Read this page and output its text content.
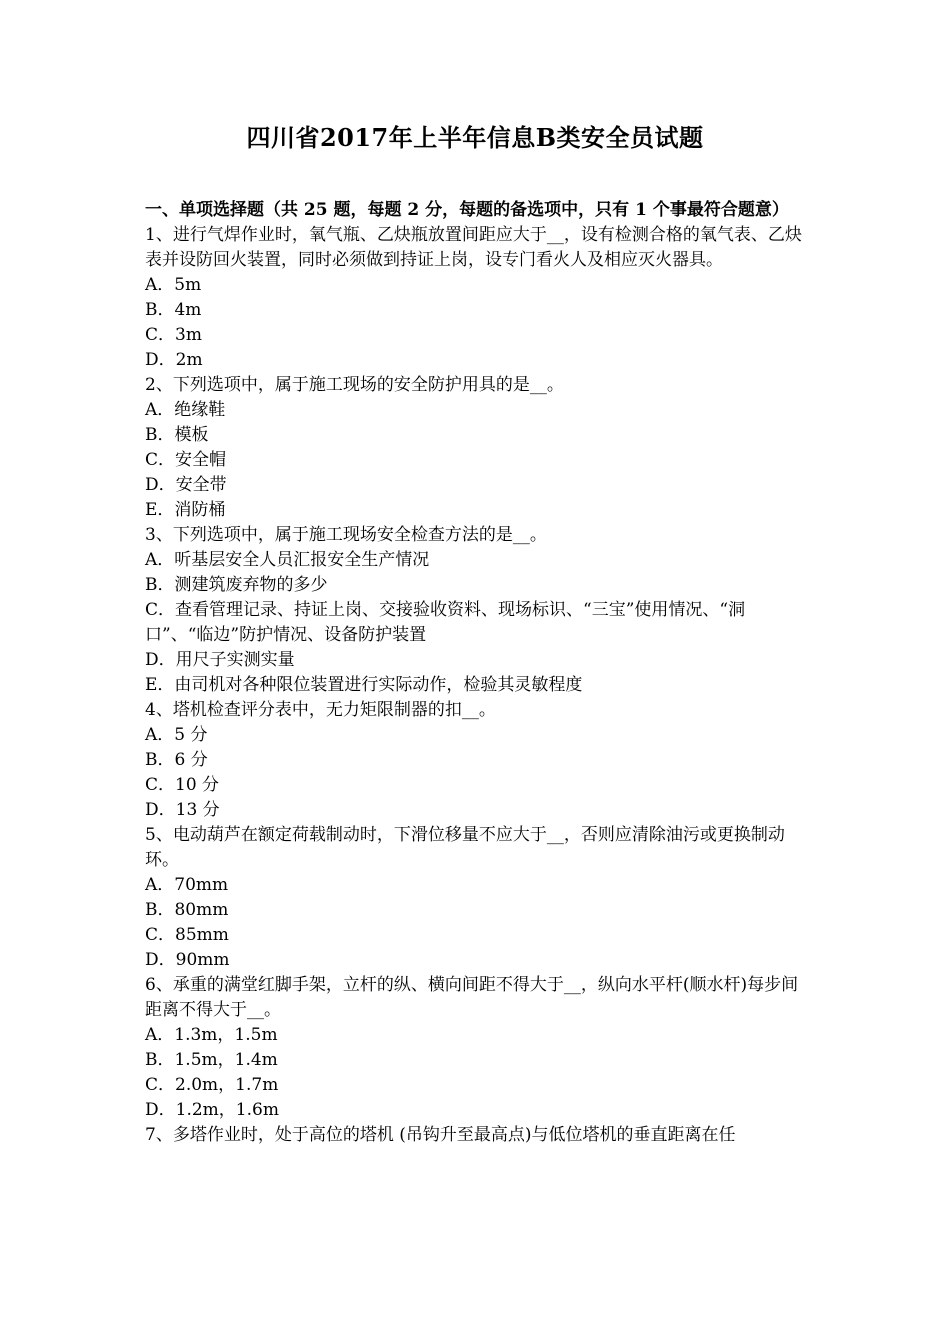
四川省2017年上半年信息B类安全员试题
一、单项选择题（共 25 题，每题 2 分，每题的备选项中，只有 1 个事最符合题意）
1、进行气焊作业时，氧气瓶、乙炔瓶放置间距应大于__，设有检测合格的氧气表、乙炔表并设防回火装置，同时必须做到持证上岗，设专门看火人及相应灭火器具。
A．5m
B．4m
C．3m
D．2m
2、下列选项中，属于施工现场的安全防护用具的是__。
A．绝缘鞋
B．模板
C．安全帽
D．安全带
E．消防桶
3、下列选项中，属于施工现场安全检查方法的是__。
A．听基层安全人员汇报安全生产情况
B．测建筑废弃物的多少
C．查看管理记录、持证上岗、交接验收资料、现场标识、“三宝”使用情况、“洞口”、“临边”防护情况、设备防护装置
D．用尺子实测实量
E．由司机对各种限位装置进行实际动作，检验其灵敏程度
4、塔机检查评分表中，无力矩限制器的扣__。
A．5 分
B．6 分
C．10 分
D．13 分
5、电动葫芦在额定荷载制动时，下滑位移量不应大于__，否则应清除油污或更换制动环。
A．70mm
B．80mm
C．85mm
D．90mm
6、承重的满堂红脚手架，立杆的纵、横向间距不得大于__，纵向水平杆(顺水杆)每步间距离不得大于__。
A．1.3m，1.5m
B．1.5m，1.4m
C．2.0m，1.7m
D．1.2m，1.6m
7、多塔作业时，处于高位的塔机 (吊钩升至最高点)与低位塔机的垂直距离在任
